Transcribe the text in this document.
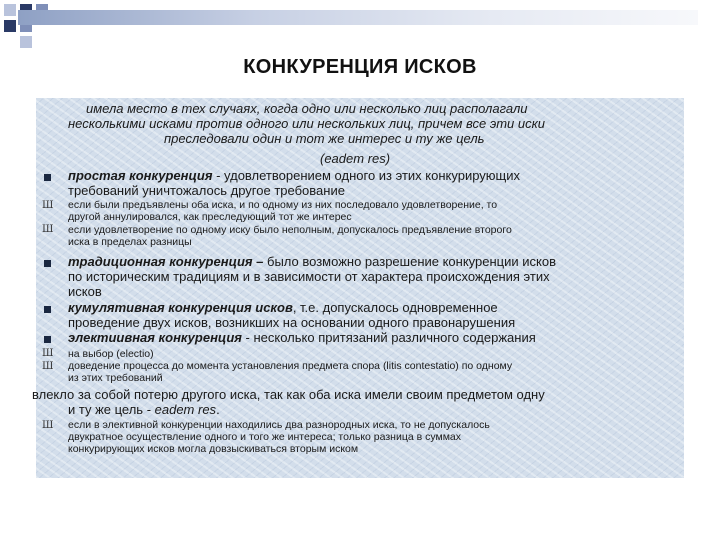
КОНКУРЕНЦИЯ ИСКОВ
имела место в тех случаях, когда одно или несколько лиц располагали
несколькими исками против одного или нескольких лиц, причем все эти иски
преследовали один и тот же интерес и ту же цель
(eadem res)
простая конкуренция - удовлетворением одного из этих конкурирующих
требований уничтожалось другое требование
Ш если были предъявлены оба иска, и по одному из них последовало удовлетворение, то
другой аннулировался, как преследующий тот же интерес
Ш если удовлетворение по одному иску было неполным, допускалось предъявление второго
иска в пределах разницы
традиционная конкуренция – было возможно разрешение конкуренции исков
по историческим традициям и в зависимости от характера происхождения этих
исков
кумулятивная конкуренция исков, т.е. допускалось одновременное
проведение двух исков, возникших на основании одного правонарушения
электиивная конкуренция - несколько притязаний различного содержания
Ш на выбор (electio)
Ш доведение процесса до момента установления предмета спора (litis contestatio) по одному
из этих требований
влекло за собой потерю другого иска, так как оба иска имели своим предметом одну
и ту же цель - eadem res.
Ш если в элективной конкуренции находились два разнородных иска, то не допускалось
двукратное осуществление одного и того же интереса; только разница в суммах
конкурирующих исков могла довзыскиваться вторым иском
